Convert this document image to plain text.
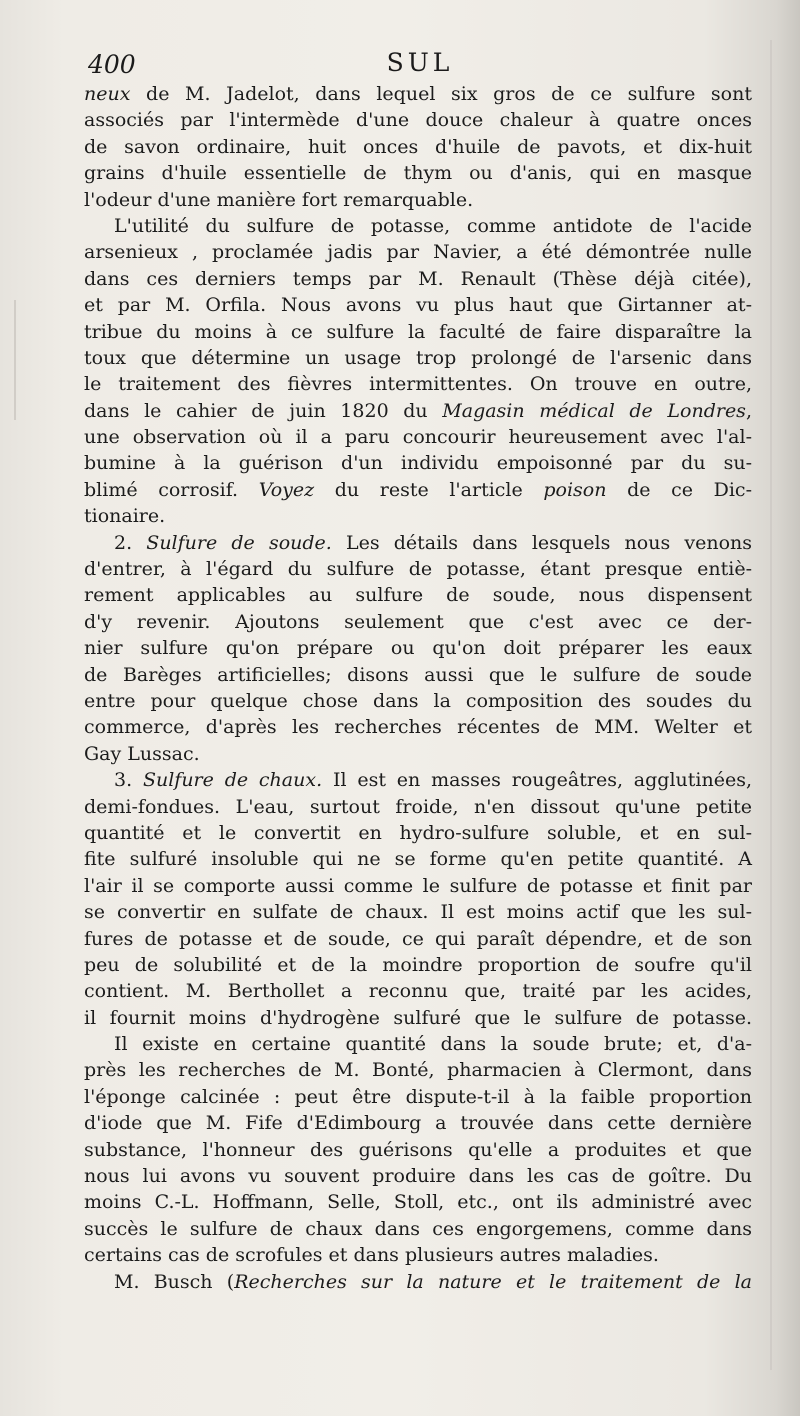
400	SUL
neux de M. Jadelot, dans lequel six gros de ce sulfure sont
associés par l'intermède d'une douce chaleur à quatre onces
de savon ordinaire, huit onces d'huile de pavots, et dix-huit
grains d'huile essentielle de thym ou d'anis, qui en masque
l'odeur d'une manière fort remarquable.
L'utilité du sulfure de potasse, comme antidote de l'acide
arsenieux , proclamée jadis par Navier, a été démontrée nulle
dans ces derniers temps par M. Renault (Thèse déjà citée),
et par M. Orfila. Nous avons vu plus haut que Girtanner at-
tribue du moins à ce sulfure la faculté de faire disparaître la
toux que détermine un usage trop prolongé de l'arsenic dans
le traitement des fièvres intermittentes. On trouve en outre,
dans le cahier de juin 1820 du Magasin médical de Londres,
une observation où il a paru concourir heureusement avec l'al-
bumine à la guérison d'un individu empoisonné par du su-
blimé corrosif. Voyez du reste l'article poison de ce Dic-
tionaire.
2. Sulfure de soude. Les détails dans lesquels nous venons
d'entrer, à l'égard du sulfure de potasse, étant presque entiè-
rement applicables au sulfure de soude, nous dispensent
d'y revenir. Ajoutons seulement que c'est avec ce der-
nier sulfure qu'on prépare ou qu'on doit préparer les eaux
de Barèges artificielles; disons aussi que le sulfure de soude
entre pour quelque chose dans la composition des soudes du
commerce, d'après les recherches récentes de MM. Welter et
Gay Lussac.
3. Sulfure de chaux. Il est en masses rougeâtres, agglutinées,
demi-fondues. L'eau, surtout froide, n'en dissout qu'une petite
quantité et le convertit en hydro-sulfure soluble, et en sul-
fite sulfuré insoluble qui ne se forme qu'en petite quantité. A
l'air il se comporte aussi comme le sulfure de potasse et finit par
se convertir en sulfate de chaux. Il est moins actif que les sul-
fures de potasse et de soude, ce qui paraît dépendre, et de son
peu de solubilité et de la moindre proportion de soufre qu'il
contient. M. Berthollet a reconnu que, traité par les acides,
il fournit moins d'hydrogène sulfuré que le sulfure de potasse.
Il existe en certaine quantité dans la soude brute; et, d'a-
près les recherches de M. Bonté, pharmacien à Clermont, dans
l'éponge calcinée : peut être dispute-t-il à la faible proportion
d'iode que M. Fife d'Edimbourg a trouvée dans cette dernière
substance, l'honneur des guérisons qu'elle a produites et que
nous lui avons vu souvent produire dans les cas de goître. Du
moins C.-L. Hoffmann, Selle, Stoll, etc., ont ils administré avec
succès le sulfure de chaux dans ces engorgemens, comme dans
certains cas de scrofules et dans plusieurs autres maladies.
M. Busch (Recherches sur la nature et le traitement de la
